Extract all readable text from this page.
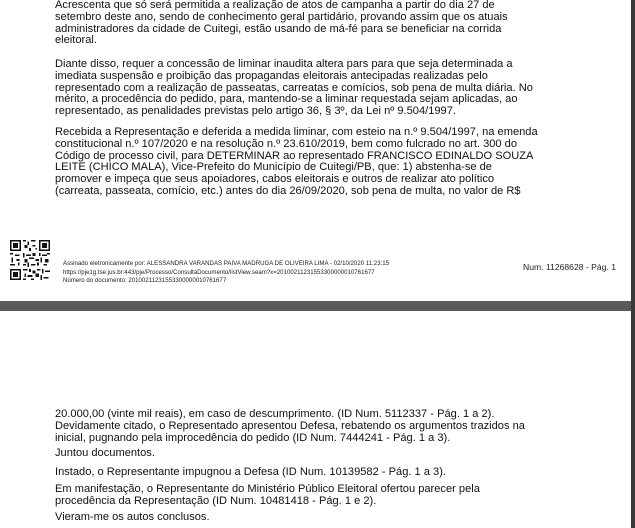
Acrescenta que só será permitida a realização de atos de campanha a partir do dia 27 de
setembro deste ano, sendo de conhecimento geral partidário, provando assim que os atuais
administradores da cidade de Cuitegi, estão usando de má-fé para se beneficiar na corrida
eleitoral.
Diante disso, requer a concessão de liminar inaudita altera pars para que seja determinada a
imediata suspensão e proibição das propagandas eleitorais antecipadas realizadas pelo
representado com a realização de passeatas, carreatas e comícios, sob pena de multa diária. No
mérito, a procedência do pedido, para, mantendo-se a liminar requestada sejam aplicadas, ao
representado, as penalidades previstas pelo artigo 36, § 3º, da Lei nº 9.504/1997.
Recebida a Representação e deferida a medida liminar, com esteio na n.º 9.504/1997, na emenda
constitucional n.º 107/2020 e na resolução n.º 23.610/2019, bem como fulcrado no art. 300 do
Código de processo civil, para DETERMINAR ao representado FRANCISCO EDINALDO SOUZA
LEITE (CHICO MALA), Vice-Prefeito do Município de Cuitegi/PB, que: 1) abstenha-se de
promover e impeça que seus apoiadores, cabos eleitorais e outros de realizar ato político
(carreata, passeata, comício, etc.) antes do dia 26/09/2020, sob pena de multa, no valor de R$
Assinado eletronicamente por: ALESSANDRA VARANDAS PAIVA MADRUGA DE OLIVEIRA LIMA - 02/10/2020 11:23:15
https://pje1g.tse.jus.br:443/pje/Processo/ConsultaDocumento/listView.seam?x=20100211231553300000010761677
Número do documento: 20100211231553300000010761677
Num. 11268628 - Pág. 1
20.000,00 (vinte mil reais), em caso de descumprimento. (ID Num. 5112337 - Pág. 1 a 2).
Devidamente citado, o Representado apresentou Defesa, rebatendo os argumentos trazidos na
inicial, pugnando pela improcedência do pedido (ID Num. 7444241 - Pág. 1 a 3).
Juntou documentos.
Instado, o Representante impugnou a Defesa (ID Num. 10139582 - Pág. 1 a 3).
Em manifestação, o Representante do Ministério Público Eleitoral ofertou parecer pela
procedência da Representação (ID Num. 10481418 - Pág. 1 e 2).
Vieram-me os autos conclusos.
